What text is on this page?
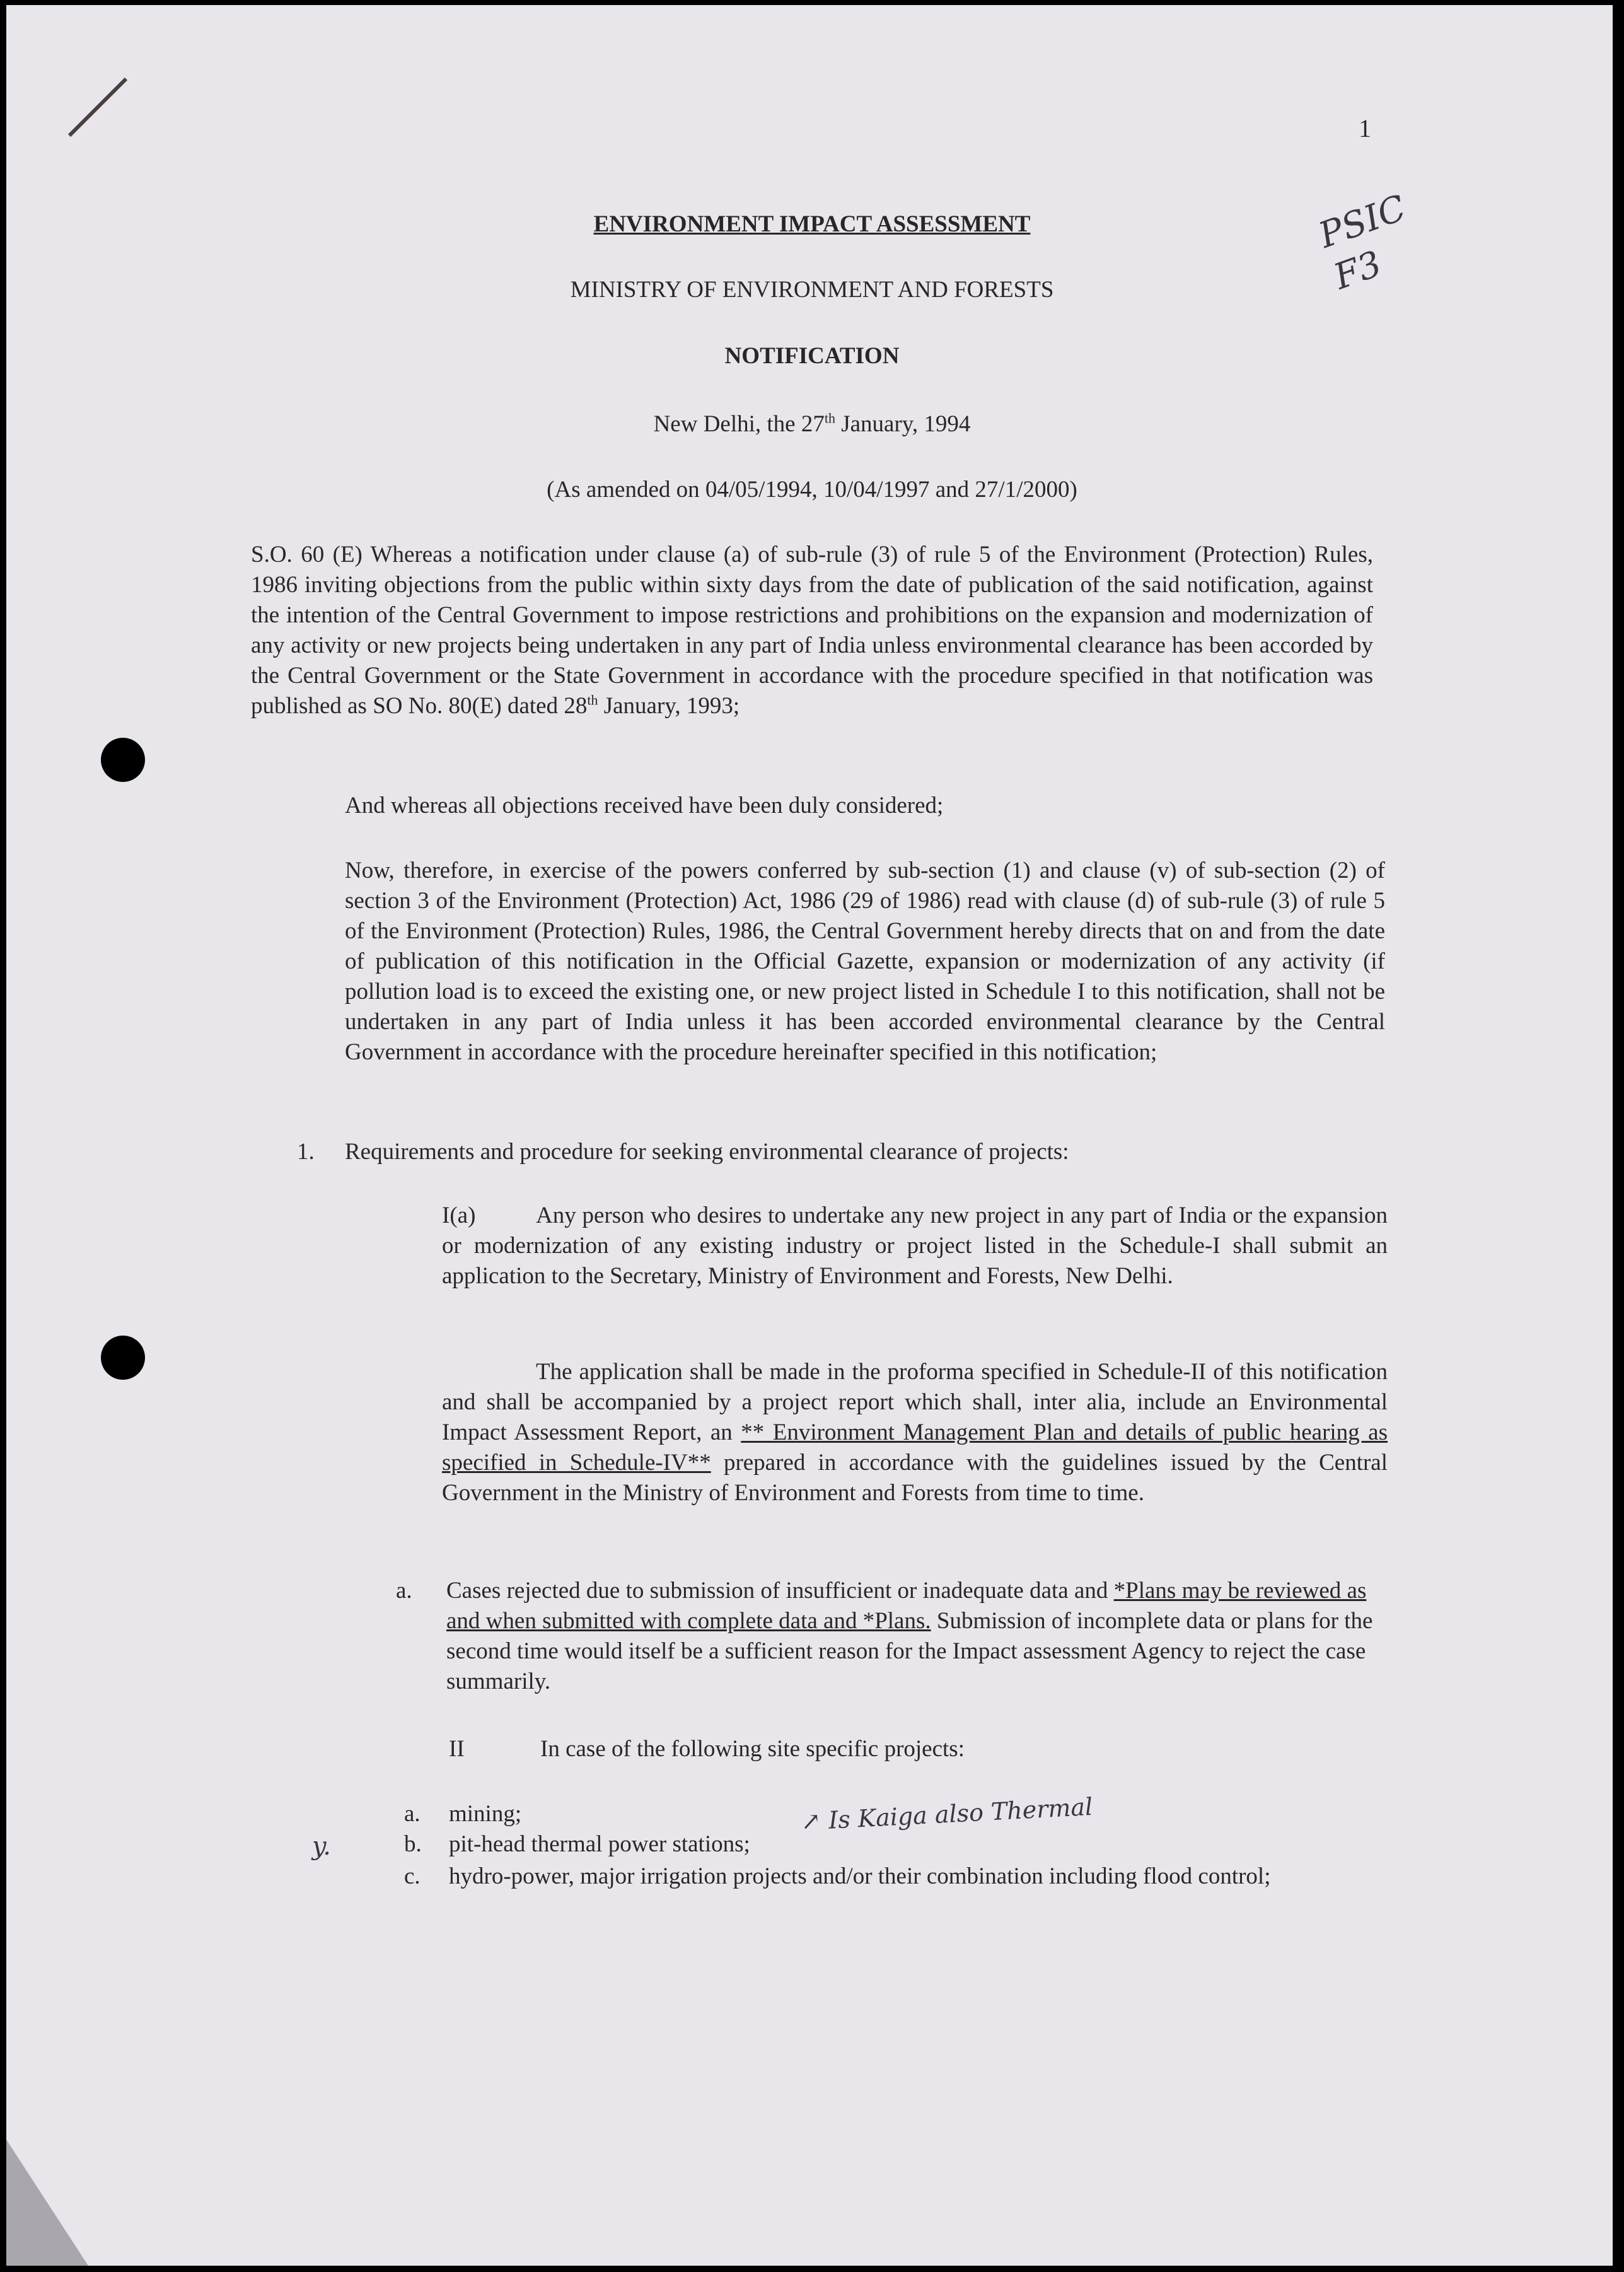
1
PSIC F3
ENVIRONMENT IMPACT ASSESSMENT
MINISTRY OF ENVIRONMENT AND FORESTS
NOTIFICATION
New Delhi, the 27th January, 1994
(As amended on 04/05/1994, 10/04/1997 and 27/1/2000)

S.O. 60 (E) Whereas a notification under clause (a) of sub-rule (3) of rule 5 of the Environment (Protection) Rules, 1986 inviting objections from the public within sixty days from the date of publication of the said notification, against the intention of the Central Government to impose restrictions and prohibitions on the expansion and modernization of any activity or new projects being undertaken in any part of India unless environmental clearance has been accorded by the Central Government or the State Government in accordance with the procedure specified in that notification was published as SO No. 80(E) dated 28th January, 1993;

And whereas all objections received have been duly considered;

Now, therefore, in exercise of the powers conferred by sub-section (1) and clause (v) of sub-section (2) of section 3 of the Environment (Protection) Act, 1986 (29 of 1986) read with clause (d) of sub-rule (3) of rule 5 of the Environment (Protection) Rules, 1986, the Central Government hereby directs that on and from the date of publication of this notification in the Official Gazette, expansion or modernization of any activity (if pollution load is to exceed the existing one, or new project listed in Schedule I to this notification, shall not be undertaken in any part of India unless it has been accorded environmental clearance by the Central Government in accordance with the procedure hereinafter specified in this notification;

1. Requirements and procedure for seeking environmental clearance of projects:

I(a)	Any person who desires to undertake any new project in any part of India or the expansion or modernization of any existing industry or project listed in the Schedule-I shall submit an application to the Secretary, Ministry of Environment and Forests, New Delhi.

The application shall be made in the proforma specified in Schedule-II of this notification and shall be accompanied by a project report which shall, inter alia, include an Environmental Impact Assessment Report, an ** Environment Management Plan and details of public hearing as specified in Schedule-IV** prepared in accordance with the guidelines issued by the Central Government in the Ministry of Environment and Forests from time to time.

a. Cases rejected due to submission of insufficient or inadequate data and *Plans may be reviewed as and when submitted with complete data and *Plans. Submission of incomplete data or plans for the second time would itself be a sufficient reason for the Impact assessment Agency to reject the case summarily.

II	In case of the following site specific projects:
a. mining;
b. pit-head thermal power stations;
c. hydro-power, major irrigation projects and/or their combination including flood control;
y.
↗ Is Kaiga also Thermal
